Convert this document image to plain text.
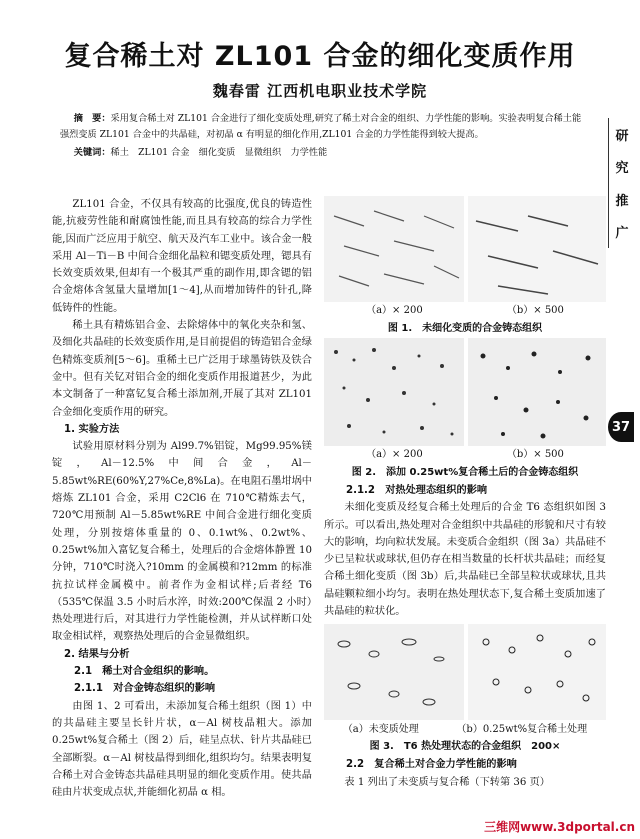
复合稀土对 ZL101 合金的细化变质作用
魏春雷 江西机电职业技术学院
摘　要：采用复合稀土对 ZL101 合金进行了细化变质处理,研究了稀土对合金的组织、力学性能的影响。实验表明复合稀土能强烈变质 ZL101 合金中的共晶硅，对初晶 α 有明显的细化作用,ZL101 合金的力学性能得到较大提高。
关键词：稀土　ZL101 合金　细化变质　显微组织　力学性能
研
究
推
广
37

ZL101 合金，不仅具有较高的比强度,优良的铸造性能,抗疲劳性能和耐腐蚀性能,而且具有较高的综合力学性能,因而广泛应用于航空、航天及汽车工业中。该合金一般采用 Al－Ti－B 中间合金细化晶粒和锶变质处理，锶具有长效变质效果,但却有一个极其严重的副作用,即含锶的铝合金熔体含氢量大量增加[1～4],从而增加铸件的针孔,降低铸件的性能。

稀土具有精炼铝合金、去除熔体中的氧化夹杂和氢、及细化共晶硅的长效变质作用,是目前提倡的铸造铝合金绿色精炼变质剂[5～6]。重稀土已广泛用于球墨铸铁及铁合金中。但有关钇对铝合金的细化变质作用报道甚少，为此本文制备了一种富钇复合稀土添加剂,开展了其对 ZL101 合金细化变质作用的研究。

1. 实验方法

试验用原材料分别为 Al99.7%铝锭，Mg99.95%镁锭，Al－12.5%中间合金，Al－5.85wt%RE(60%Y,27%Ce,8%La)。在电阻石墨坩埚中熔炼 ZL101 合金，采用 C2Cl6 在 710℃精炼去气，720℃用预制 Al－5.85wt%RE 中间合金进行细化变质处理，分别按熔体重量的 0、0.1wt%、0.2wt%、0.25wt%加入富钇复合稀土，处理后的合金熔体静置 10 分钟，710℃时浇入?10mm 的金属模和?12mm 的标准抗拉试样金属模中。前者作为金相试样;后者经 T6（535℃保温 3.5 小时后水淬，时效:200℃保温 2 小时）热处理进行后，对其进行力学性能检测，并从试样断口处取金相试样，观察热处理后的合金显微组织。

2. 结果与分析

2.1　稀土对合金组织的影响。

2.1.1　对合金铸态组织的影响

由图 1、2 可看出，未添加复合稀土组织（图 1）中的共晶硅主要呈长针片状，α－Al 树枝晶粗大。添加 0.25wt%复合稀土（图 2）后，硅呈点状、针片共晶硅已全部断裂。α－Al 树枝晶得到细化,组织均匀。结果表明复合稀土对合金铸态共晶硅具明显的细化变质作用。使共晶硅由片状变成点状,并能细化初晶 α 相。

（a）× 200	（b）× 500
图 1.　未细化变质的合金铸态组织
（a）× 200	（b）× 500
图 2.　添加 0.25wt%复合稀土后的合金铸态组织

2.1.2　对热处理态组织的影响

未细化变质及经复合稀土处理后的合金 T6 态组织如图 3 所示。可以看出,热处理对合金组织中共晶硅的形貌和尺寸有较大的影响，均向粒状发展。未变质合金组织（图 3a）共晶硅不少已呈粒状或球状,但仍存在相当数量的长杆状共晶硅；而经复合稀土细化变质（图 3b）后,共晶硅已全部呈粒状或球状,且共晶硅颗粒细小均匀。表明在热处理状态下,复合稀土变质加速了共晶硅的粒状化。

（a）未变质处理	（b）0.25wt%复合稀土处理
图 3.　T6 热处理状态的合金组织　200×

2.2　复合稀土对合金力学性能的影响

表 1 列出了未变质与复合稀（下转第 36 页）

三维网www.3dportal.cn
